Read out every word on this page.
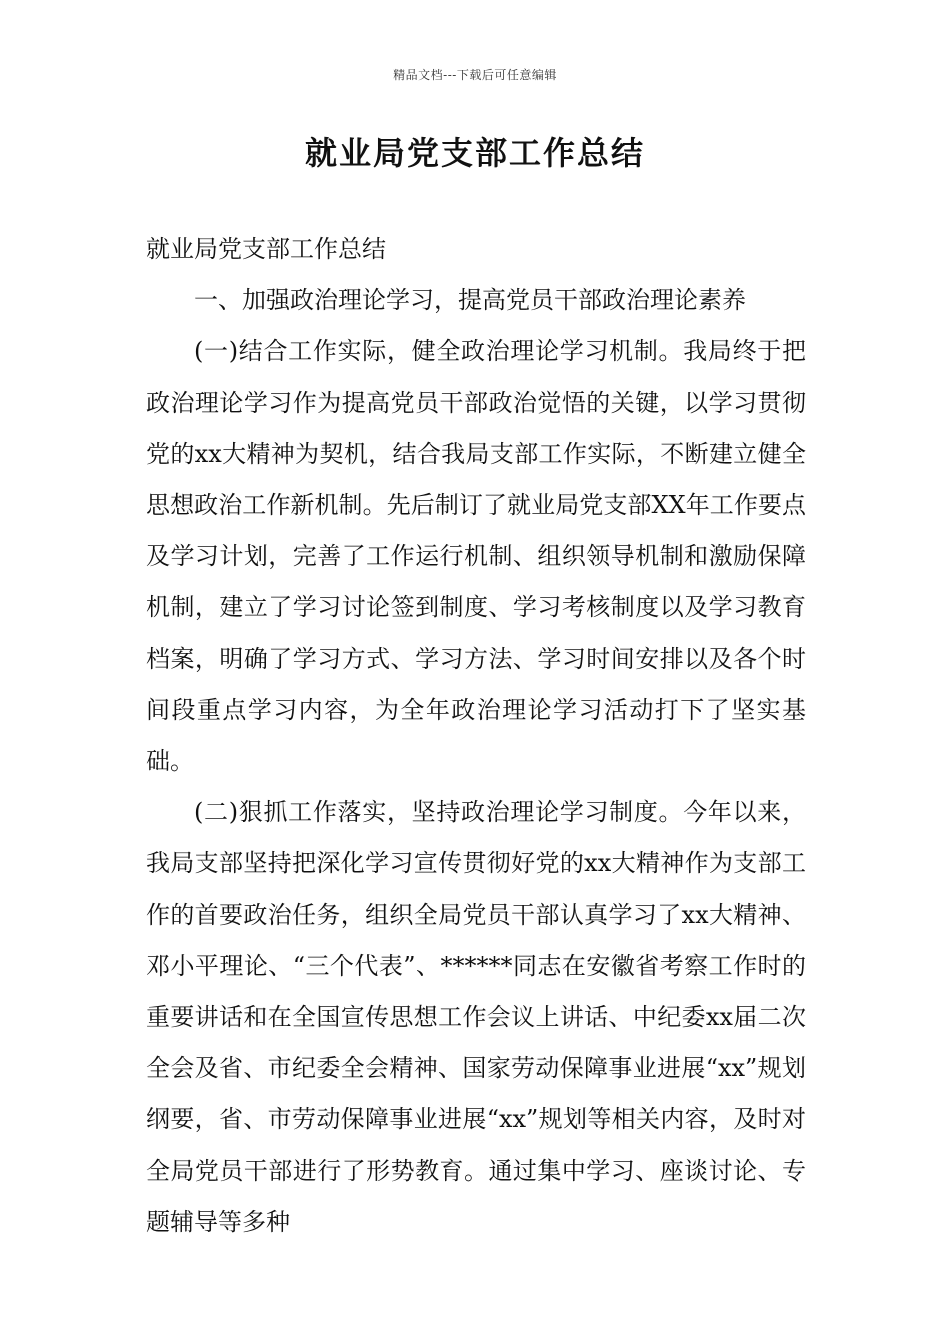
精品文档---下载后可任意编辑
就业局党支部工作总结

就业局党支部工作总结

一、加强政治理论学习，提高党员干部政治理论素养

(一)结合工作实际，健全政治理论学习机制。我局终于把政治理论学习作为提高党员干部政治觉悟的关键，以学习贯彻党的xx大精神为契机，结合我局支部工作实际，不断建立健全思想政治工作新机制。先后制订了就业局党支部XX年工作要点及学习计划，完善了工作运行机制、组织领导机制和激励保障机制，建立了学习讨论签到制度、学习考核制度以及学习教育档案，明确了学习方式、学习方法、学习时间安排以及各个时间段重点学习内容，为全年政治理论学习活动打下了坚实基础。

(二)狠抓工作落实，坚持政治理论学习制度。今年以来，我局支部坚持把深化学习宣传贯彻好党的xx大精神作为支部工作的首要政治任务，组织全局党员干部认真学习了xx大精神、邓小平理论、“三个代表”、******同志在安徽省考察工作时的重要讲话和在全国宣传思想工作会议上讲话、中纪委xx届二次全会及省、市纪委全会精神、国家劳动保障事业进展“xx”规划纲要，省、市劳动保障事业进展“xx”规划等相关内容，及时对全局党员干部进行了形势教育。通过集中学习、座谈讨论、专题辅导等多种
